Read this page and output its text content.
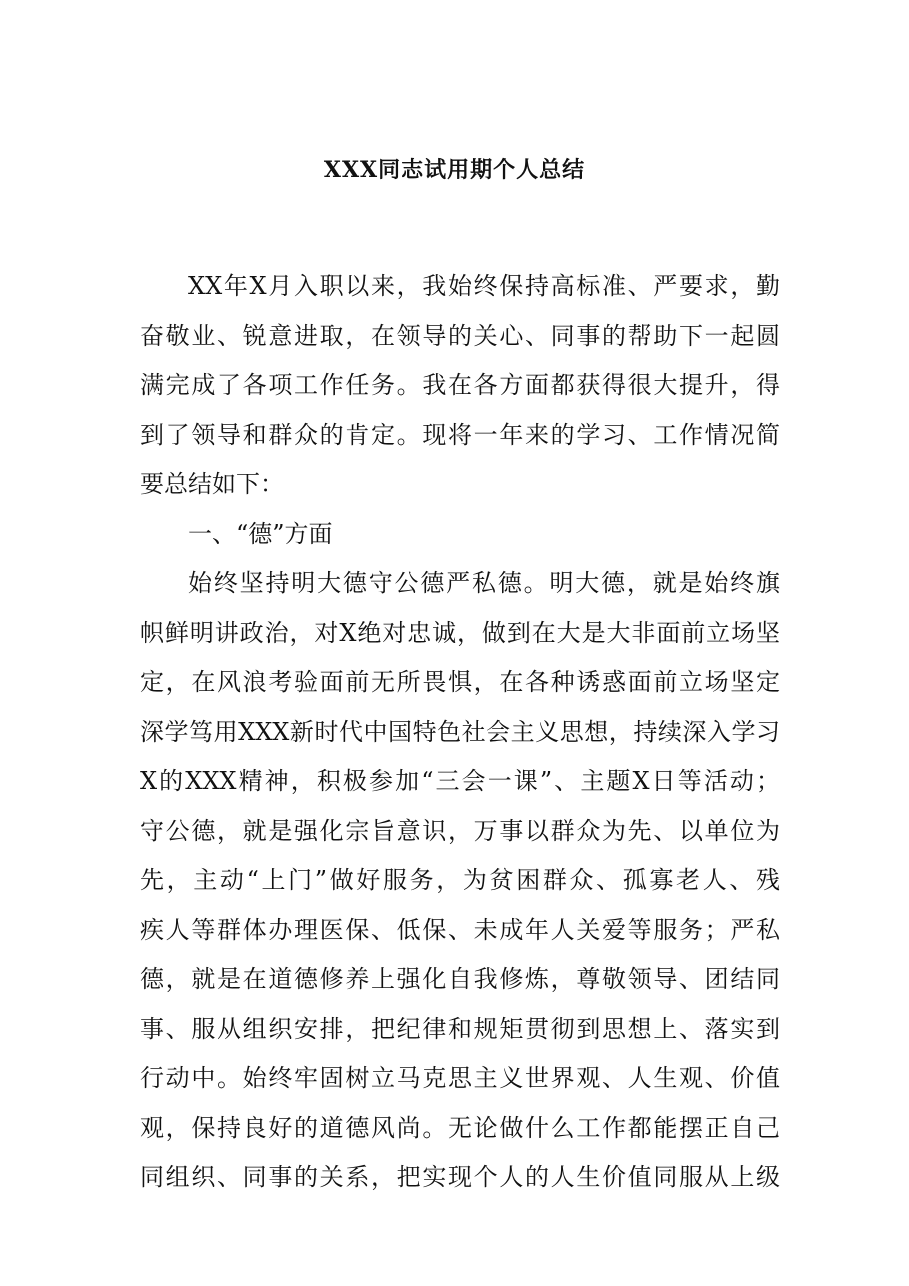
XXX同志试用期个人总结
XX年X月入职以来，我始终保持高标准、严要求，勤
奋敬业、锐意进取，在领导的关心、同事的帮助下一起圆
满完成了各项工作任务。我在各方面都获得很大提升，得
到了领导和群众的肯定。现将一年来的学习、工作情况简
要总结如下：
一、“德”方面
始终坚持明大德守公德严私德。明大德，就是始终旗
帜鲜明讲政治，对X绝对忠诚，做到在大是大非面前立场坚
定，在风浪考验面前无所畏惧，在各种诱惑面前立场坚定
深学笃用XXX新时代中国特色社会主义思想，持续深入学习
X的XXX精神，积极参加“三会一课”、主题X日等活动；
守公德，就是强化宗旨意识，万事以群众为先、以单位为
先，主动“上门”做好服务，为贫困群众、孤寡老人、残
疾人等群体办理医保、低保、未成年人关爱等服务；严私
德，就是在道德修养上强化自我修炼，尊敬领导、团结同
事、服从组织安排，把纪律和规矩贯彻到思想上、落实到
行动中。始终牢固树立马克思主义世界观、人生观、价值
观，保持良好的道德风尚。无论做什么工作都能摆正自己
同组织、同事的关系，把实现个人的人生价值同服从上级
